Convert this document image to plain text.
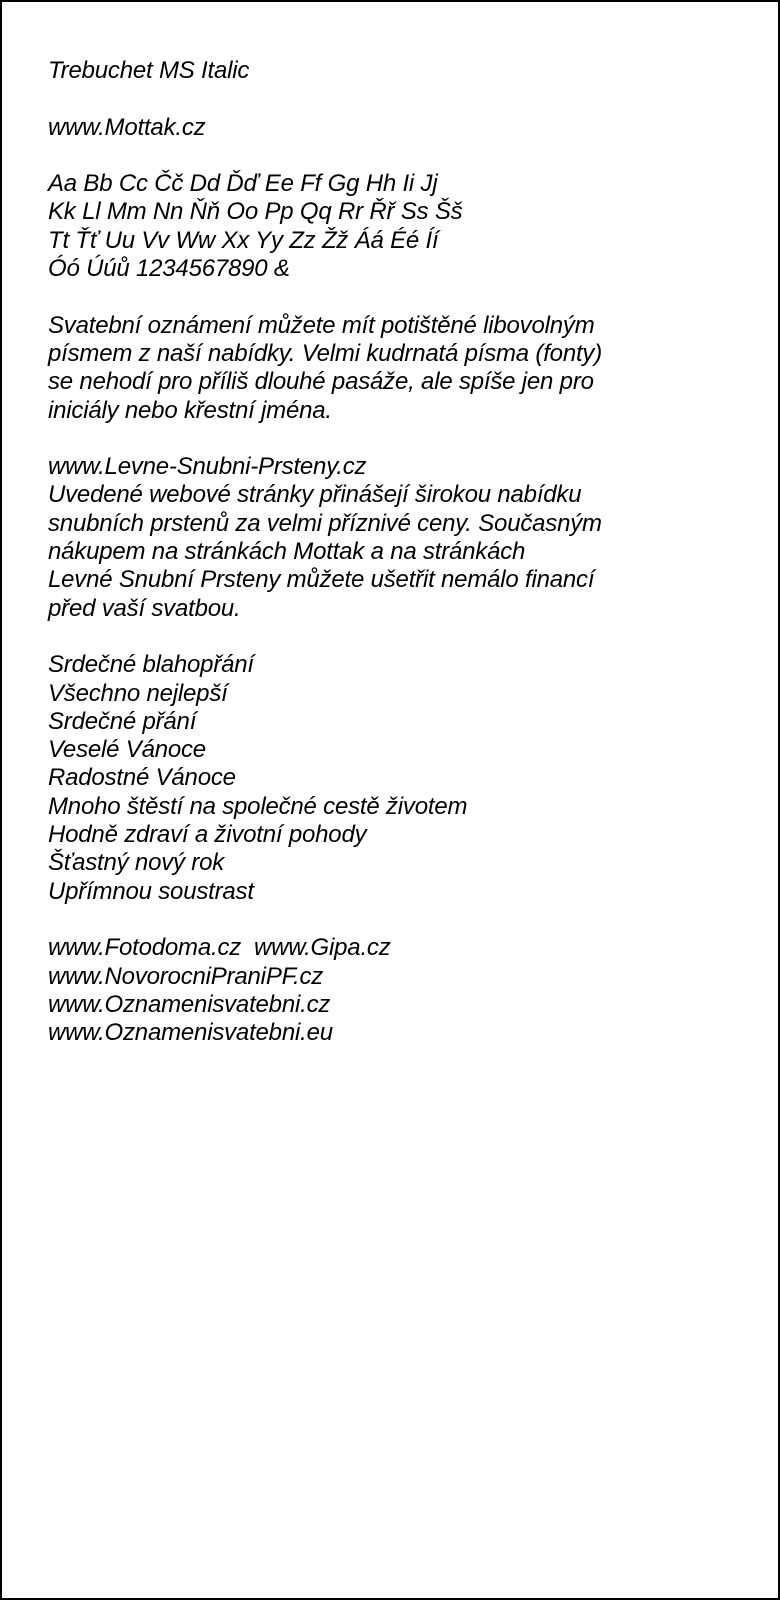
Trebuchet MS Italic
www.Mottak.cz
Aa Bb Cc Čč Dd Ďď Ee Ff Gg Hh Ii Jj
Kk Ll Mm Nn Ňň Oo Pp Qq Rr Řř Ss Šš
Tt Ťť Uu Vv Ww Xx Yy Zz Žž Áá Éé Íí
Óó Úúů 1234567890 &
Svatební oznámení můžete mít potištěné libovolným
písmem z naší nabídky. Velmi kudrnatá písma (fonty)
se nehodí pro příliš dlouhé pasáže, ale spíše jen pro
iniciály nebo křestní jména.
www.Levne-Snubni-Prsteny.cz
Uvedené webové stránky přinášejí širokou nabídku
snubních prstenů za velmi příznivé ceny. Současným
nákupem na stránkách Mottak a na stránkách
Levné Snubní Prsteny můžete ušetřit nemálo financí
před vaší svatbou.
Srdečné blahopřání
Všechno nejlepší
Srdečné přání
Veselé Vánoce
Radostné Vánoce
Mnoho štěstí na společné cestě životem
Hodně zdraví a životní pohody
Šťastný nový rok
Upřímnou soustrast
www.Fotodoma.cz  www.Gipa.cz
www.NovorocniPraniPF.cz
www.Oznamenisvatebni.cz
www.Oznamenisvatebni.eu
